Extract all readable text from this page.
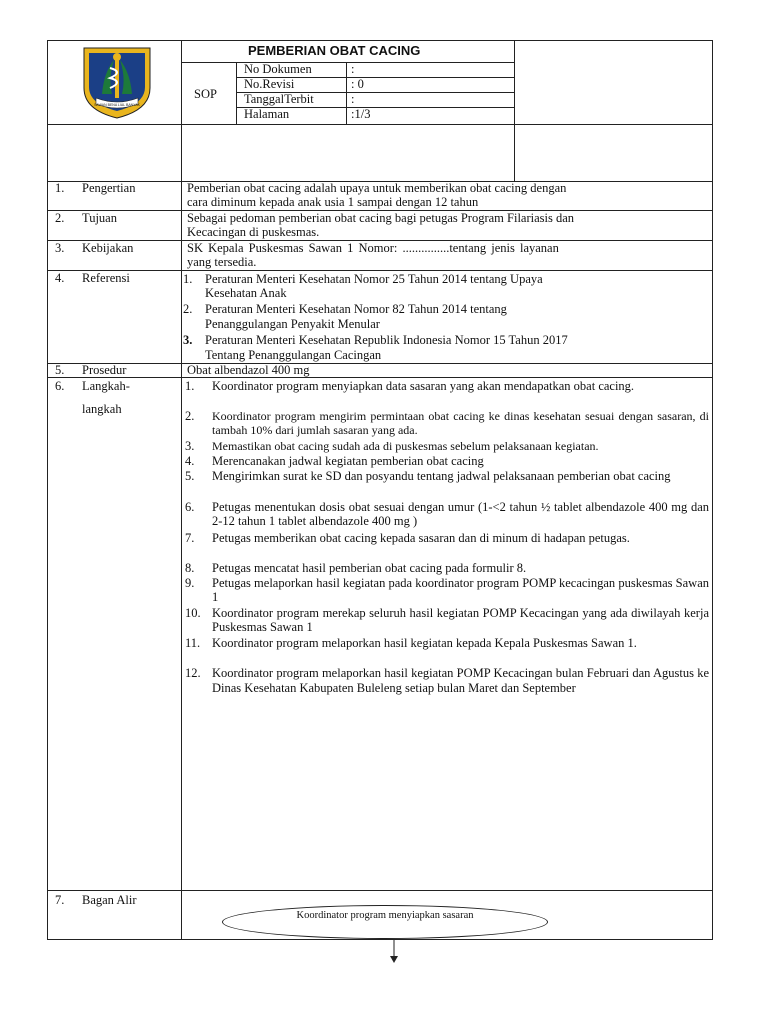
SAWAN BENA LIAL BANYAK
PEMBERIAN OBAT CACING
SOP
No Dokumen	:
No.Revisi	: 0
TanggalTerbit	:
Halaman	:1/3
1. Pengertian	Pemberian obat cacing adalah upaya untuk memberikan obat cacing dengan
cara diminum kepada anak usia 1 sampai dengan 12 tahun
2. Tujuan	Sebagai pedoman pemberian obat cacing bagi petugas Program Filariasis dan
Kecacingan di puskesmas.
3. Kebijakan	SK Kepala Puskesmas Sawan 1 Nomor: ...............tentang jenis layanan
yang tersedia.
4. Referensi	1. Peraturan Menteri Kesehatan Nomor 25 Tahun 2014 tentang Upaya
Kesehatan Anak
2. Peraturan Menteri Kesehatan Nomor 82 Tahun 2014 tentang
Penanggulangan Penyakit Menular
3. Peraturan Menteri Kesehatan Republik Indonesia Nomor 15 Tahun 2017
Tentang Penanggulangan Cacingan
5. Prosedur	Obat albendazol 400 mg
6. Langkah-
langkah
1. Koordinator program menyiapkan data sasaran yang akan mendapatkan obat cacing.
2. Koordinator program mengirim permintaan obat cacing ke dinas kesehatan sesuai dengan sasaran, di tambah 10% dari jumlah sasaran yang ada.
3. Memastikan obat cacing sudah ada di puskesmas sebelum pelaksanaan kegiatan.
4. Merencanakan jadwal kegiatan pemberian obat cacing
5. Mengirimkan surat ke SD dan posyandu tentang jadwal pelaksanaan pemberian obat cacing
6. Petugas menentukan dosis obat sesuai dengan umur (1-<2 tahun ½ tablet albendazole 400 mg dan 2-12 tahun 1 tablet albendazole 400 mg )
7. Petugas memberikan obat cacing kepada sasaran dan di minum di hadapan petugas.
8. Petugas mencatat hasil pemberian obat cacing pada formulir 8.
9. Petugas melaporkan hasil kegiatan pada koordinator program POMP kecacingan puskesmas Sawan 1
10. Koordinator program merekap seluruh hasil kegiatan POMP Kecacingan yang ada diwilayah kerja Puskesmas Sawan 1
11. Koordinator program melaporkan hasil kegiatan kepada Kepala Puskesmas Sawan 1.
12. Koordinator program melaporkan hasil kegiatan POMP Kecacingan bulan Februari dan Agustus ke Dinas Kesehatan Kabupaten Buleleng setiap bulan Maret dan September
7. Bagan Alir
Koordinator program menyiapkan sasaran
